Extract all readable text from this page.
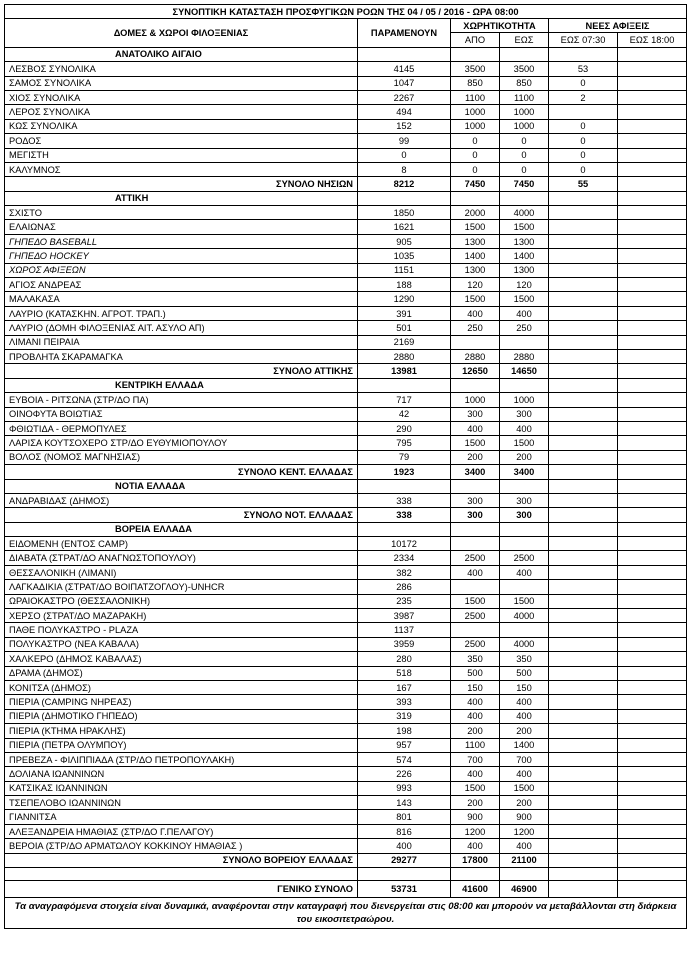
ΣΥΝΟΠΤΙΚΗ ΚΑΤΑΣΤΑΣΗ ΠΡΟΣΦΥΓΙΚΩΝ ΡΟΩΝ ΤΗΣ 04 / 05 / 2016 - ΩΡΑ 08:00					
ΔΟΜΕΣ & ΧΩΡΟΙ ΦΙΛΟΞΕΝΙΑΣ	ΠΑΡΑΜΕΝΟΥΝ	ΧΩΡΗΤΙΚΟΤΗΤΑ		ΝΕΕΣ ΑΦΙΞΕΙΣ	
		ΑΠΟ	ΕΩΣ	ΕΩΣ 07:30	ΕΩΣ 18:00
ΑΝΑΤΟΛΙΚΟ ΑΙΓΑΙΟ					
ΛΕΣΒΟΣ ΣΥΝΟΛΙΚΑ	4145	3500	3500	53	
ΣΑΜΟΣ ΣΥΝΟΛΙΚΑ	1047	850	850	0	
ΧΙΟΣ ΣΥΝΟΛΙΚΑ	2267	1100	1100	2	
ΛΕΡΟΣ ΣΥΝΟΛΙΚΑ	494	1000	1000		
ΚΩΣ ΣΥΝΟΛΙΚΑ	152	1000	1000	0	
ΡΟΔΟΣ	99	0	0	0	
ΜΕΓΙΣΤΗ	0	0	0	0	
ΚΑΛΥΜΝΟΣ	8	0	0	0	
ΣΥΝΟΛΟ ΝΗΣΙΩΝ	8212	7450	7450	55	
ΑΤΤΙΚΗ					
ΣΧΙΣΤΟ	1850	2000	4000		
ΕΛΑΙΩΝΑΣ	1621	1500	1500		
ΓΗΠΕΔΟ BASEBALL	905	1300	1300		
ΓΗΠΕΔΟ HOCKEY	1035	1400	1400		
ΧΩΡΟΣ ΑΦΙΞΕΩΝ	1151	1300	1300		
ΑΓΙΟΣ ΑΝΔΡΕΑΣ	188	120	120		
ΜΑΛΑΚΑΣΑ	1290	1500	1500		
ΛΑΥΡΙΟ (ΚΑΤΑΣΚΗΝ. ΑΓΡΟΤ. ΤΡΑΠ.)	391	400	400		
ΛΑΥΡΙΟ (ΔΟΜΗ ΦΙΛΟΞΕΝΙΑΣ ΑΙΤ. ΑΣΥΛΟ ΑΠ)	501	250	250		
ΛΙΜΑΝΙ ΠΕΙΡΑΙΑ	2169				
ΠΡΟΒΛΗΤΑ ΣΚΑΡΑΜΑΓΚΑ	2880	2880	2880		
ΣΥΝΟΛΟ ΑΤΤΙΚΗΣ	13981	12650	14650		
ΚΕΝΤΡΙΚΗ ΕΛΛΑΔΑ					
ΕΥΒΟΙΑ - ΡΙΤΣΩΝΑ (ΣΤΡ/ΔΟ ΠΑ)	717	1000	1000		
ΟΙΝΟΦΥΤΑ ΒΟΙΩΤΙΑΣ	42	300	300		
ΦΘΙΩΤΙΔΑ - ΘΕΡΜΟΠΥΛΕΣ	290	400	400		
ΛΑΡΙΣΑ ΚΟΥΤΣΟΧΕΡΟ ΣΤΡ/ΔΟ ΕΥΘΥΜΙΟΠΟΥΛΟΥ	795	1500	1500		
ΒΟΛΟΣ (ΝΟΜΟΣ ΜΑΓΝΗΣΙΑΣ)	79	200	200		
ΣΥΝΟΛΟ ΚΕΝΤ. ΕΛΛΑΔΑΣ	1923	3400	3400		
ΝΟΤΙΑ ΕΛΛΑΔΑ					
ΑΝΔΡΑΒΙΔΑΣ (ΔΗΜΟΣ)	338	300	300		
ΣΥΝΟΛΟ ΝΟΤ. ΕΛΛΑΔΑΣ	338	300	300		
ΒΟΡΕΙΑ ΕΛΛΑΔΑ					
ΕΙΔΟΜΕΝΗ (ΕΝΤΟΣ CAMP)	10172				
ΔΙΑΒΑΤΑ (ΣΤΡΑΤ/ΔΟ ΑΝΑΓΝΩΣΤΟΠΟΥΛΟΥ)	2334	2500	2500		
ΘΕΣΣΑΛΟΝΙΚΗ (ΛΙΜΑΝΙ)	382	400	400		
ΛΑΓΚΑΔΙΚΙΑ (ΣΤΡΑΤ/ΔΟ ΒΟΙΠΑΤΖΟΓΛΟΥ)-UNHCR	286				
ΩΡΑΙΟΚΑΣΤΡΟ (ΘΕΣΣΑΛΟΝΙΚΗ)	235	1500	1500		
ΧΕΡΣΟ (ΣΤΡΑΤ/ΔΟ ΜΑΖΑΡΑΚΗ)	3987	2500	4000		
ΠΑΘΕ ΠΟΛΥΚΑΣΤΡΟ - PLAZA	1137				
ΠΟΛΥΚΑΣΤΡΟ (ΝΕΑ ΚΑΒΑΛΑ)	3959	2500	4000		
ΧΑΛΚΕΡΟ (ΔΗΜΟΣ ΚΑΒΑΛΑΣ)	280	350	350		
ΔΡΑΜΑ (ΔΗΜΟΣ)	518	500	500		
ΚΟΝΙΤΣΑ (ΔΗΜΟΣ)	167	150	150		
ΠΙΕΡΙΑ (CAMPING ΝΗΡΕΑΣ)	393	400	400		
ΠΙΕΡΙΑ (ΔΗΜΟΤΙΚΟ ΓΗΠΕΔΟ)	319	400	400		
ΠΙΕΡΙΑ (ΚΤΗΜΑ ΗΡΑΚΛΗΣ)	198	200	200		
ΠΙΕΡΙΑ (ΠΕΤΡΑ ΟΛΥΜΠΟΥ)	957	1100	1400		
ΠΡΕΒΕΖΑ - ΦΙΛΙΠΠΙΑΔΑ (ΣΤΡ/ΔΟ ΠΕΤΡΟΠΟΥΛΑΚΗ)	574	700	700		
ΔΟΛΙΑΝΑ ΙΩΑΝΝΙΝΩΝ	226	400	400		
ΚΑΤΣΙΚΑΣ ΙΩΑΝΝΙΝΩΝ	993	1500	1500		
ΤΣΕΠΕΛΟΒΟ ΙΩΑΝΝΙΝΩΝ	143	200	200		
ΓΙΑΝΝΙΤΣΑ	801	900	900		
ΑΛΕΞΑΝΔΡΕΙΑ ΗΜΑΘΙΑΣ (ΣΤΡ/ΔΟ Γ.ΠΕΛΑΓΟΥ)	816	1200	1200		
ΒΕΡΟΙΑ (ΣΤΡ/ΔΟ ΑΡΜΑΤΩΛΟΥ ΚΟΚΚΙΝΟΥ ΗΜΑΘΙΑΣ )	400	400	400		
ΣΥΝΟΛΟ ΒΟΡΕΙΟΥ ΕΛΛΑΔΑΣ	29277	17800	21100		

ΓΕΝΙΚΟ ΣΥΝΟΛΟ	53731	41600	46900		
Τα αναγραφόμενα στοιχεία είναι δυναμικά, αναφέρονται στην καταγραφή που διενεργείται στις 08:00 και μπορούν να μεταβάλλονται στη διάρκεια του εικοσιτετραώρου.					
